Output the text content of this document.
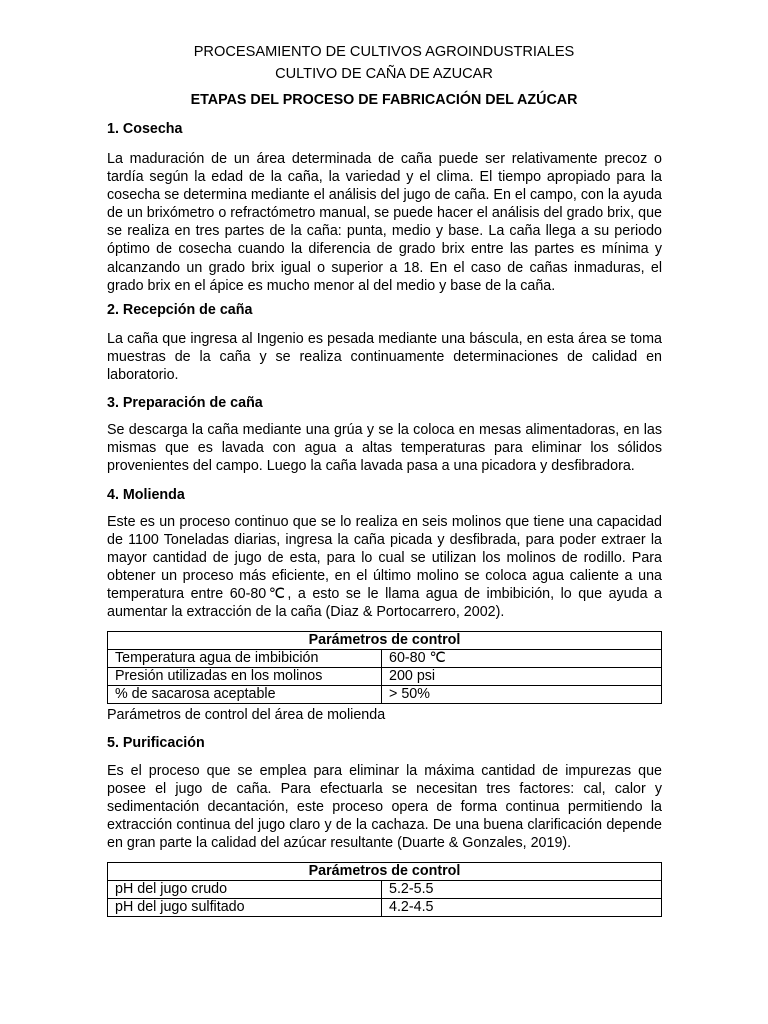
PROCESAMIENTO DE CULTIVOS AGROINDUSTRIALES
CULTIVO DE CAÑA DE AZUCAR
ETAPAS DEL PROCESO DE FABRICACIÓN DEL AZÚCAR
1. Cosecha
La maduración de un área determinada de caña puede ser relativamente precoz o tardía según la edad de la caña, la variedad y el clima. El tiempo apropiado para la cosecha se determina mediante el análisis del jugo de caña. En el campo, con la ayuda de un brixómetro o refractómetro manual, se puede hacer el análisis del grado brix, que se realiza en tres partes de la caña: punta, medio y base. La caña llega a su periodo óptimo de cosecha cuando la diferencia de grado brix entre las partes es mínima y alcanzando un grado brix igual o superior a 18. En el caso de cañas inmaduras, el grado brix en el ápice es mucho menor al del medio y base de la caña.
2. Recepción de caña
La caña que ingresa al Ingenio es pesada mediante una báscula, en esta área se toma muestras de la caña y se realiza continuamente determinaciones de calidad en laboratorio.
3. Preparación de caña
Se descarga la caña mediante una grúa y se la coloca en mesas alimentadoras, en las mismas que es lavada con agua a altas temperaturas para eliminar los sólidos provenientes del campo. Luego la caña lavada pasa a una picadora y desfibradora.
4. Molienda
Este es un proceso continuo que se lo realiza en seis molinos que tiene una capacidad de 1100 Toneladas diarias, ingresa la caña picada y desfibrada, para poder extraer la mayor cantidad de jugo de esta, para lo cual se utilizan los molinos de rodillo. Para obtener un proceso más eficiente, en el último molino se coloca agua caliente a una temperatura entre 60-80℃, a esto se le llama agua de imbibición, lo que ayuda a aumentar la extracción de la caña (Diaz & Portocarrero, 2002).
Parámetros de control	
Temperatura agua de imbibición	60-80 ℃
Presión utilizadas en los molinos	200 psi
% de sacarosa aceptable	> 50%
Parámetros de control del área de molienda
5. Purificación
Es el proceso que se emplea para eliminar la máxima cantidad de impurezas que posee el jugo de caña. Para efectuarla se necesitan tres factores: cal, calor y sedimentación decantación, este proceso opera de forma continua permitiendo la extracción continua del jugo claro y de la cachaza. De una buena clarificación depende en gran parte la calidad del azúcar resultante (Duarte & Gonzales, 2019).
Parámetros de control	
pH del jugo crudo	5.2-5.5
pH del jugo sulfitado	4.2-4.5
